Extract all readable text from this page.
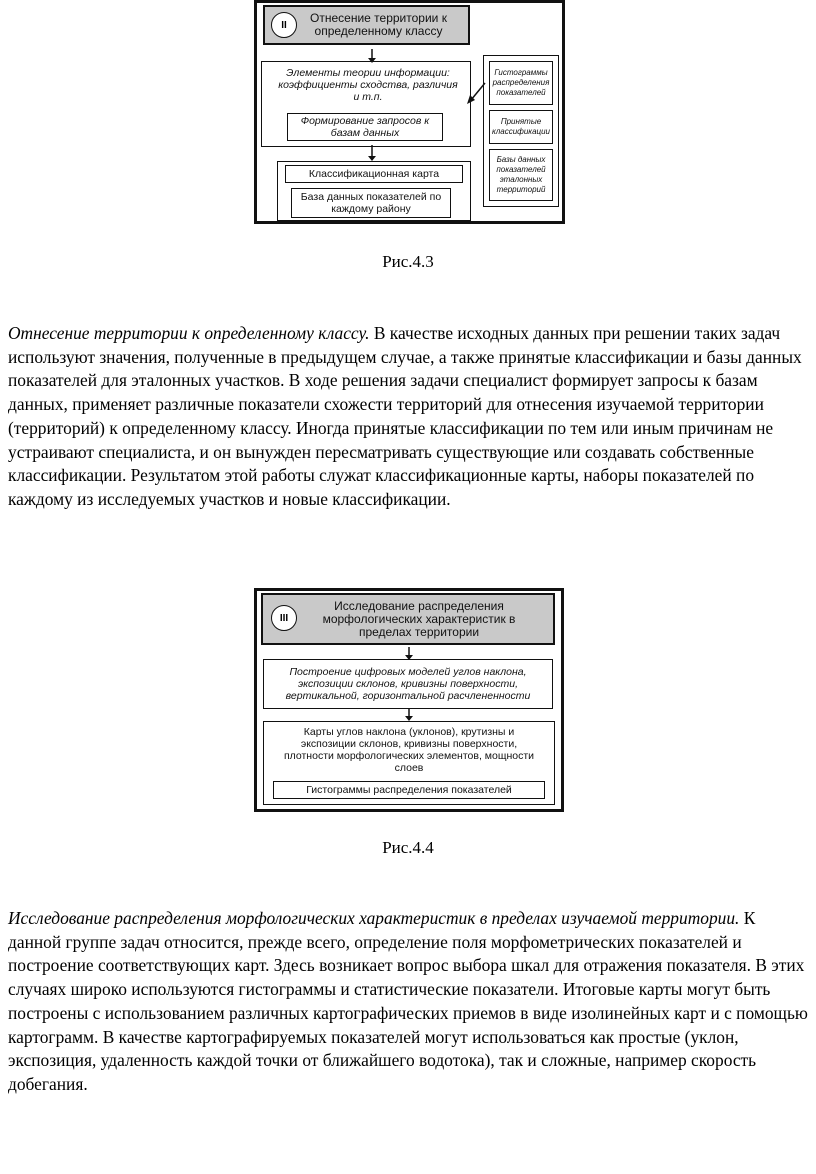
Отнесение территории к определенному классу
II
Элементы теории информации: коэффициенты сходства, различия и т.п.
Формирование запросов к базам данных
Классификационная карта
База данных показателей по каждому району
Гистограммы распределения показателей
Принятые классификации
Базы данных показателей эталонных территорий
Рис.4.3

Отнесение территории к определенному классу. В качестве исходных данных при решении таких задач используют значения, полученные в предыдущем случае, а также принятые классификации и базы данных показателей для эталонных участков. В ходе решения задачи специалист формирует запросы к базам данных, применяет различные показатели схожести территорий для отнесения изучаемой территории (территорий) к определенному классу. Иногда принятые классификации по тем или иным причинам не устраивают специалиста, и он вынужден пересматривать существующие или создавать собственные классификации. Результатом этой работы служат классификационные карты, наборы показателей по каждому из исследуемых участков и новые классификации.

Исследование распределения морфологических характеристик в пределах территории
III
Построение цифровых моделей углов наклона, экспозиции склонов, кривизны поверхности, вертикальной, горизонтальной расчлененности
Карты углов наклона (уклонов), крутизны и экспозиции склонов, кривизны поверхности, плотности морфологических элементов, мощности слоев
Гистограммы распределения показателей
Рис.4.4

Исследование распределения морфологических характеристик в пределах изучаемой территории. К данной группе задач относится, прежде всего, определение поля морфометрических показателей и построение соответствующих карт. Здесь возникает вопрос выбора шкал для отражения показателя. В этих случаях широко используются гистограммы и статистические показатели. Итоговые карты могут быть построены с использованием различных картографических приемов в виде изолинейных карт и с помощью картограмм. В качестве картографируемых показателей могут использоваться как простые (уклон, экспозиция, удаленность каждой точки от ближайшего водотока), так и сложные, например скорость добегания.
